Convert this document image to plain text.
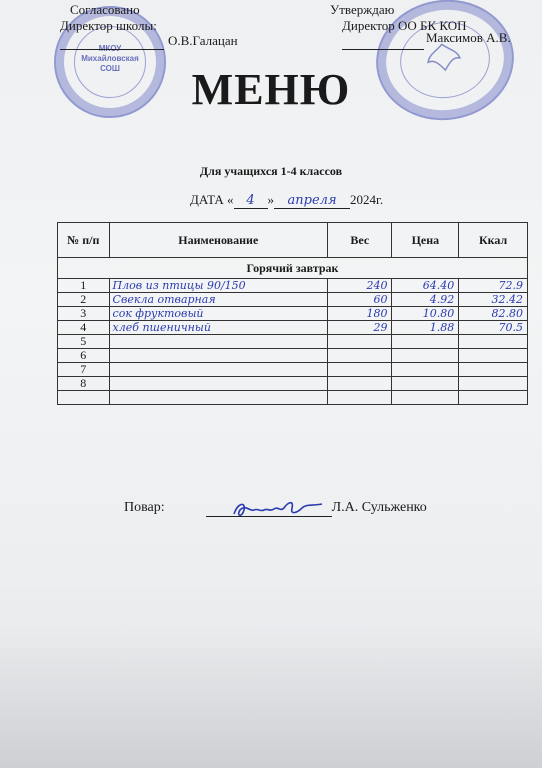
МКОУ
Михайловская
СОШ
Согласовано
Директор школы:

О.В.Галацан
Утверждаю
Директор ОО БК КОП

Максимов А.В.
МЕНЮ
Для учащихся 1-4 классов
ДАТА « 4 » апреля 2024г.
№ п/п	Наименование	Вес	Цена	Ккал
Горячий завтрак				
1	Плов из птицы 90/150	240	64.40	72.9
2	Свекла отварная	60	4.92	32.42
3	сок фруктовый	180	10.80	82.80
4	хлеб пшеничный	29	1.88	70.5
5				
6				
7				
8				

Повар:	Л.А. Сульженко
